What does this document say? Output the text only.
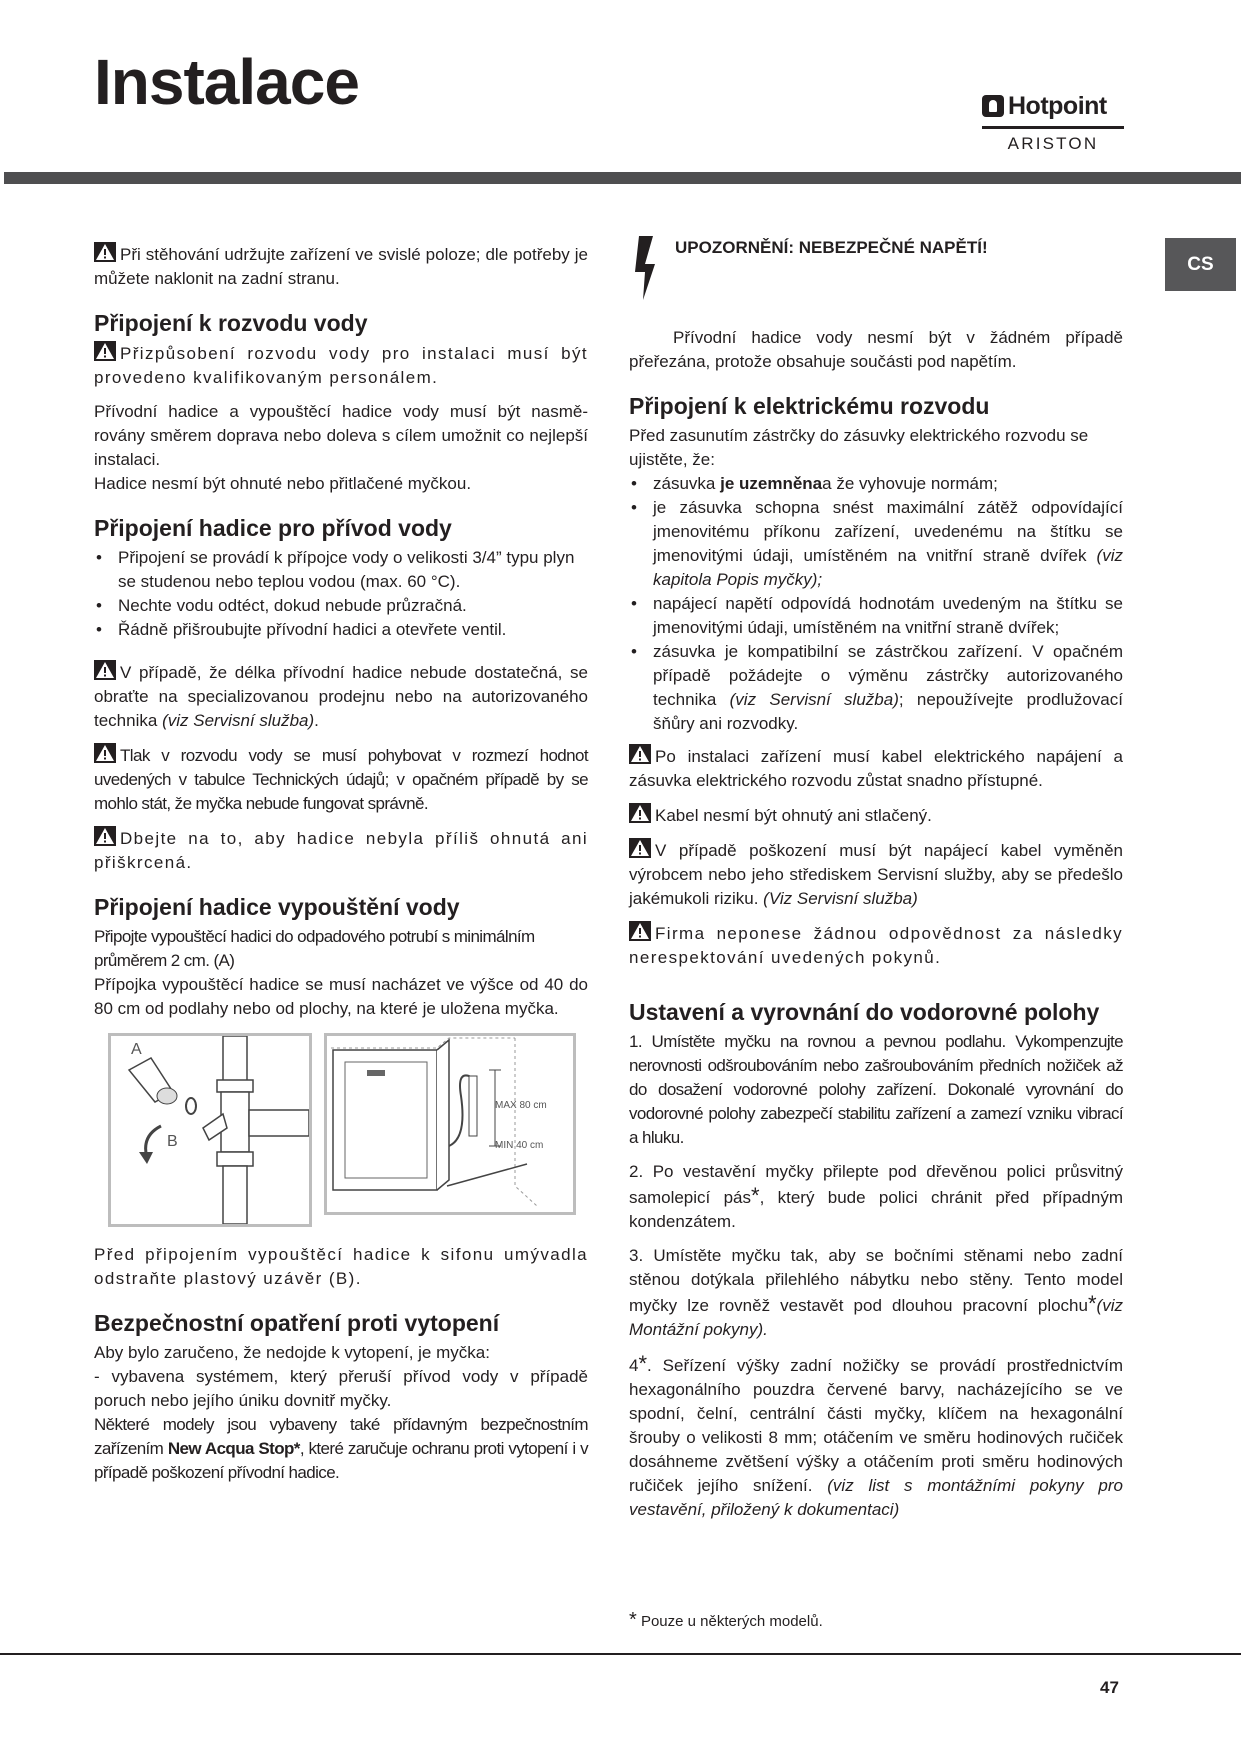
Instalace	Hotpoint
ARISTON
CS

Při stěhování udržujte zařízení ve svislé poloze; dle potřeby je můžete naklonit na zadní stranu.

Připojení k rozvodu vody

Přizpůsobení rozvodu vody pro instalaci musí být provedeno kvalifikovaným personálem.

Přívodní hadice a vypouštěcí hadice vody musí být nasmě-rovány směrem doprava nebo doleva s cílem umožnit co nejlepší instalaci.

Hadice nesmí být ohnuté nebo přitlačené myčkou.

Připojení hadice pro přívod vody
• Připojení se provádí k přípojce vody o velikosti 3/4” typu plyn se studenou nebo teplou vodou (max. 60 °C).
• Nechte vodu odtéct, dokud nebude průzračná.
• Řádně přišroubujte přívodní hadici a otevřete ventil.

V případě, že délka přívodní hadice nebude dostatečná, se obraťte na specializovanou prodejnu nebo na autorizovaného technika (viz Servisní služba).

Tlak v rozvodu vody se musí pohybovat v rozmezí hodnot uvedených v tabulce Technických údajů; v opačném případě by se mohlo stát, že myčka nebude fungovat správně.

Dbejte na to, aby hadice nebyla příliš ohnutá ani přiškrcená.

Připojení hadice vypouštění vody

Připojte vypouštěcí hadici do odpadového potrubí s minimálním průměrem 2 cm. (A)

Přípojka vypouštěcí hadice se musí nacházet ve výšce od 40 do 80 cm od podlahy nebo od plochy, na které je uložena myčka.

A
B
MAX 80 cm
MIN 40 cm

Před připojením vypouštěcí hadice k sifonu umývadla odstraňte plastový uzávěr (B).

Bezpečnostní opatření proti vytopení

Aby bylo zaručeno, že nedojde k vytopení, je myčka:

- vybavena systémem, který přeruší přívod vody v případě poruch nebo jejího úniku dovnitř myčky.

Některé modely jsou vybaveny také přídavným bezpečnostním zařízením New Acqua Stop*, které zaručuje ochranu proti vytopení i v případě poškození přívodní hadice.

UPOZORNĚNÍ: NEBEZPEČNÉ NAPĚTÍ!

Přívodní hadice vody nesmí být v žádném případě přeřezána, protože obsahuje součásti pod napětím.

Připojení k elektrickému rozvodu

Před zasunutím zástrčky do zásuvky elektrického rozvodu se ujistěte, že:

• zásuvka je uzemněnaa že vyhovuje normám;
• je zásuvka schopna snést maximální zátěž odpovídající jmenovitému příkonu zařízení, uvedenému na štítku se jmenovitými údaji, umístěném na vnitřní straně dvířek (viz kapitola Popis myčky);
• napájecí napětí odpovídá hodnotám uvedeným na štítku se jmenovitými údaji, umístěném na vnitřní straně dvířek;
• zásuvka je kompatibilní se zástrčkou zařízení. V opačném případě požádejte o výměnu zástrčky autorizovaného technika (viz Servisní služba); nepoužívejte prodlužovací šňůry ani rozvodky.

Po instalaci zařízení musí kabel elektrického napájení a zásuvka elektrického rozvodu zůstat snadno přístupné.

Kabel nesmí být ohnutý ani stlačený.

V případě poškození musí být napájecí kabel vyměněn výrobcem nebo jeho střediskem Servisní služby, aby se předešlo jakémukoli riziku. (Viz Servisní služba)

Firma neponese žádnou odpovědnost za následky nerespektování uvedených pokynů.

Ustavení a vyrovnání do vodorovné polohy

1. Umístěte myčku na rovnou a pevnou podlahu. Vykompenzujte nerovnosti odšroubováním nebo zašroubováním předních nožiček až do dosažení vodorovné polohy zařízení. Dokonalé vyrovnání do vodorovné polohy zabezpečí stabilitu zařízení a zamezí vzniku vibrací a hluku.

2. Po vestavění myčky přilepte pod dřevěnou polici průsvitný samolepicí pás*, který bude polici chránit před případným kondenzátem.

3. Umístěte myčku tak, aby se bočními stěnami nebo zadní stěnou dotýkala přilehlého nábytku nebo stěny. Tento model myčky lze rovněž vestavět pod dlouhou pracovní plochu*(viz Montážní pokyny).

4*. Seřízení výšky zadní nožičky se provádí prostřednictvím hexagonálního pouzdra červené barvy, nacházejícího se ve spodní, čelní, centrální části myčky, klíčem na hexagonální šrouby o velikosti 8 mm; otáčením ve směru hodinových ručiček dosáhneme zvětšení výšky a otáčením proti směru hodinových ručiček jejího snížení. (viz list s montážními pokyny pro vestavění, přiložený k dokumentaci)

* Pouze u některých modelů.
47
